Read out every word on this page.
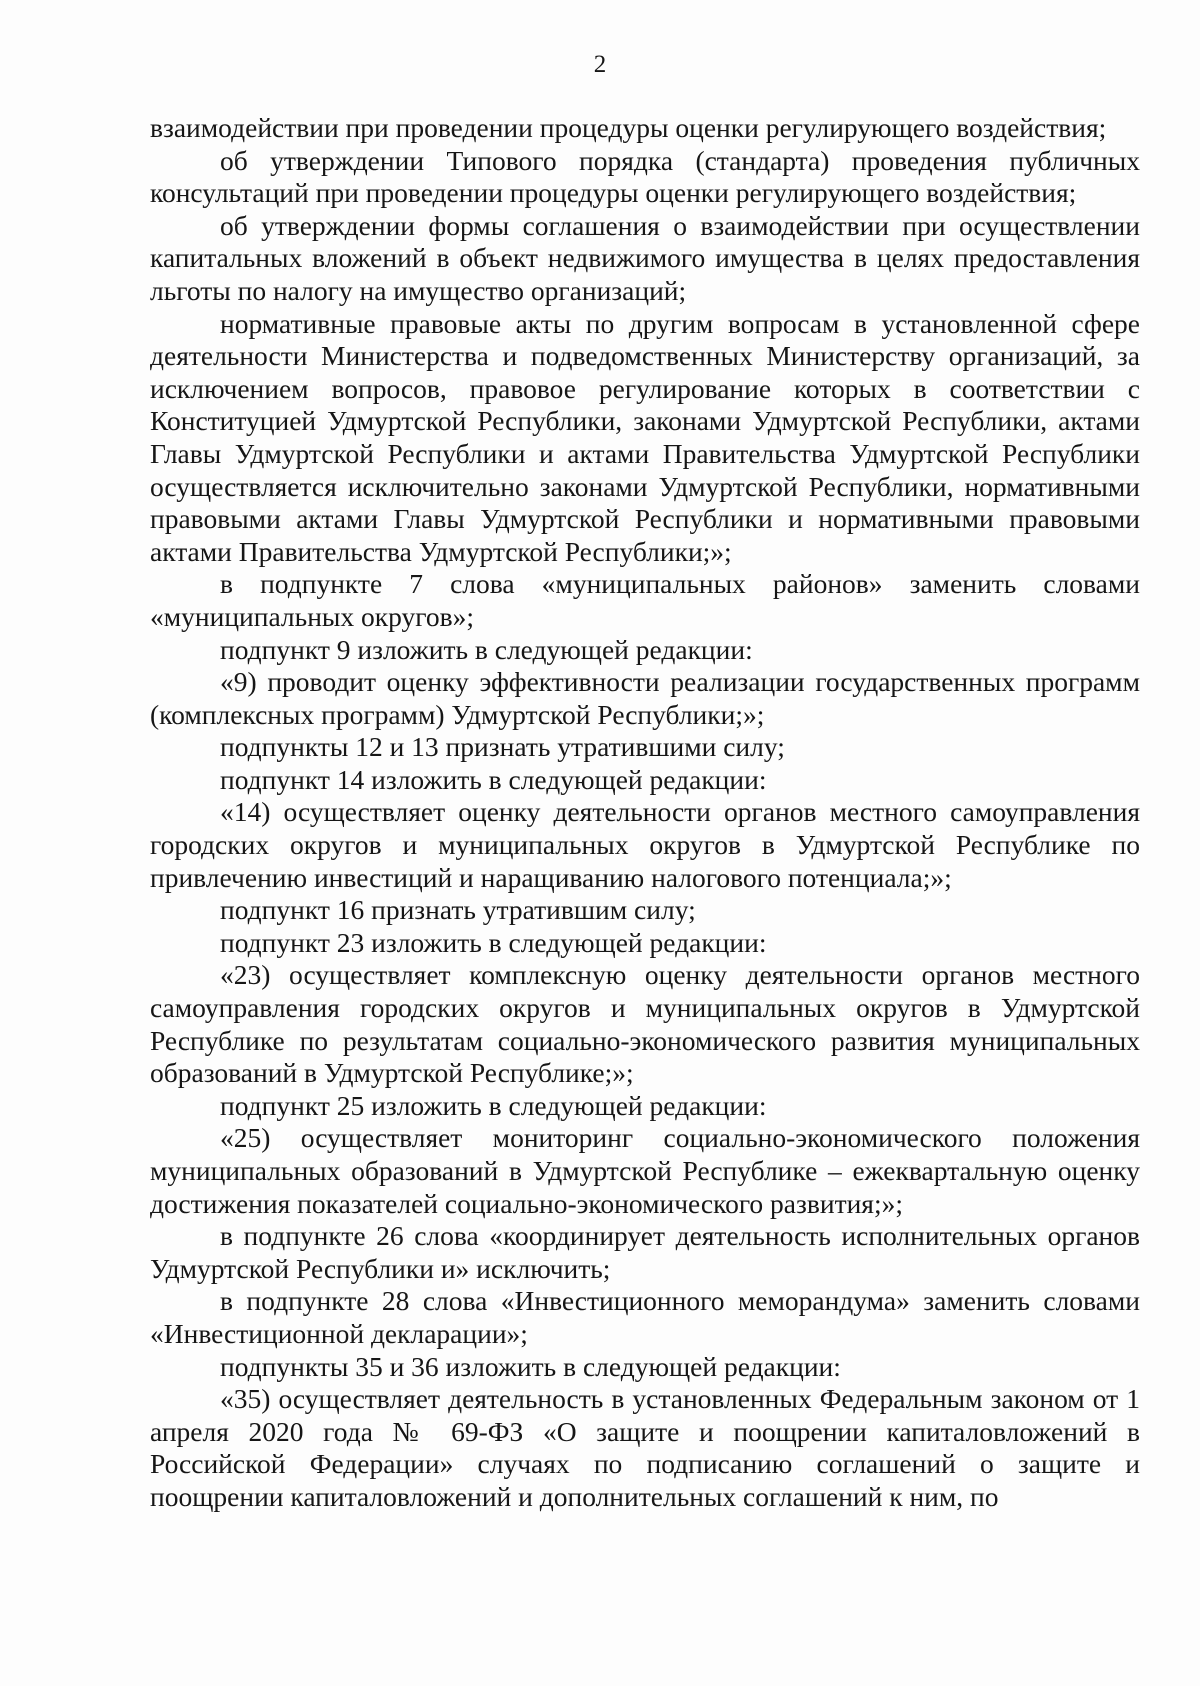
2

взаимодействии при проведении процедуры оценки регулирующего воздействия;

об утверждении Типового порядка (стандарта) проведения публичных консультаций при проведении процедуры оценки регулирующего воздействия;

об утверждении формы соглашения о взаимодействии при осуществлении капитальных вложений в объект недвижимого имущества в целях предоставления льготы по налогу на имущество организаций;

нормативные правовые акты по другим вопросам в установленной сфере деятельности Министерства и подведомственных Министерству организаций, за исключением вопросов, правовое регулирование которых в соответствии с Конституцией Удмуртской Республики, законами Удмуртской Республики, актами Главы Удмуртской Республики и актами Правительства Удмуртской Республики осуществляется исключительно законами Удмуртской Республики, нормативными правовыми актами Главы Удмуртской Республики и нормативными правовыми актами Правительства Удмуртской Республики;»;

в подпункте 7 слова «муниципальных районов» заменить словами «муниципальных округов»;

подпункт 9 изложить в следующей редакции:

«9) проводит оценку эффективности реализации государственных программ (комплексных программ) Удмуртской Республики;»;

подпункты 12 и 13 признать утратившими силу;

подпункт 14 изложить в следующей редакции:

«14) осуществляет оценку деятельности органов местного самоуправления городских округов и муниципальных округов в Удмуртской Республике по привлечению инвестиций и наращиванию налогового потенциала;»;

подпункт 16 признать утратившим силу;

подпункт 23 изложить в следующей редакции:

«23) осуществляет комплексную оценку деятельности органов местного самоуправления городских округов и муниципальных округов в Удмуртской Республике по результатам социально-экономического развития муниципальных образований в Удмуртской Республике;»;

подпункт 25 изложить в следующей редакции:

«25) осуществляет мониторинг социально-экономического положения муниципальных образований в Удмуртской Республике – ежеквартальную оценку достижения показателей социально-экономического развития;»;

в подпункте 26 слова «координирует деятельность исполнительных органов Удмуртской Республики и» исключить;

в подпункте 28 слова «Инвестиционного меморандума» заменить словами «Инвестиционной декларации»;

подпункты 35 и 36 изложить в следующей редакции:

«35) осуществляет деятельность в установленных Федеральным законом от 1 апреля 2020 года № 69-ФЗ «О защите и поощрении капиталовложений в Российской Федерации» случаях по подписанию соглашений о защите и поощрении капиталовложений и дополнительных соглашений к ним, по
